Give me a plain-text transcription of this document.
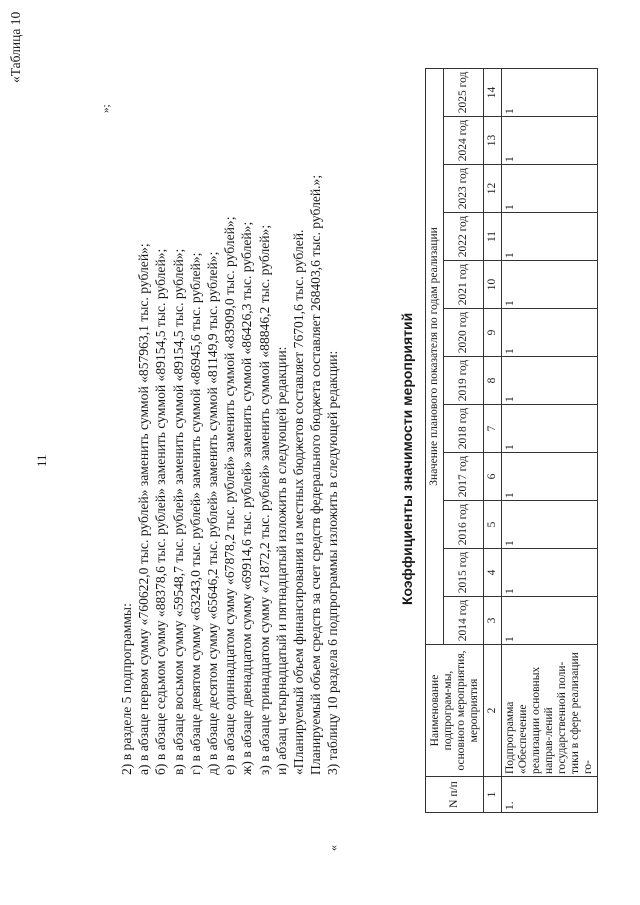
11
»;
«Таблица 10
«
2) в разделе 5 подпрограммы: а) в абзаце первом сумму «760622,0 тыс. рублей» заменить суммой «857963,1 тыс. рублей»; б) в абзаце седьмом сумму «88378,6 тыс. рублей» заменить суммой «89154,5 тыс. рублей»; в) в абзаце восьмом сумму «59548,7 тыс. рублей» заменить суммой «89154,5 тыс. рублей»; г) в абзаце девятом сумму «63243,0 тыс. рублей» заменить суммой «86945,6 тыс. рублей»; д) в абзаце десятом сумму «65646,2 тыс. рублей» заменить суммой «81149,9 тыс. рублей»; е) в абзаце одиннадцатом сумму «67878,2 тыс. рублей» заменить суммой «83909,0 тыс. рублей»; ж) в абзаце двенадцатом сумму «69914,6 тыс. рублей» заменить суммой «86426,3 тыс. рублей»; з) в абзаце тринадцатом сумму «71872,2 тыс. рублей» заменить суммой «88846,2 тыс. рублей»; и) абзац четырнадцатый и пятнадцатый изложить в следующей редакции: «Планируемый объем финансирования из местных бюджетов составляет 76701,6 тыс. рублей. Планируемый объем средств за счет средств федерального бюджета составляет 268403,6 тыс. рублей.»; 3) таблицу 10 раздела 6 подпрограммы изложить в следующей редакции:	Коэффициенты значимости мероприятий
N п/п	Наименование подпрограм-мы, основного мероприятия, мероприятия	Значение планового показателя по годам реализации											
		2014 год	2015 год	2016 год	2017 год	2018 год	2019 год	2020 год	2021 год	2022 год	2023 год	2024 год	2025 год
1	2	3	4	5	6	7	8	9	10	11	12	13	14
1.	Подпрограмма «Обеспечение реализации основных направ-лений государственной поли-тики в сфере реализации го-	1	1	1	1	1	1	1	1	1	1	1	1
